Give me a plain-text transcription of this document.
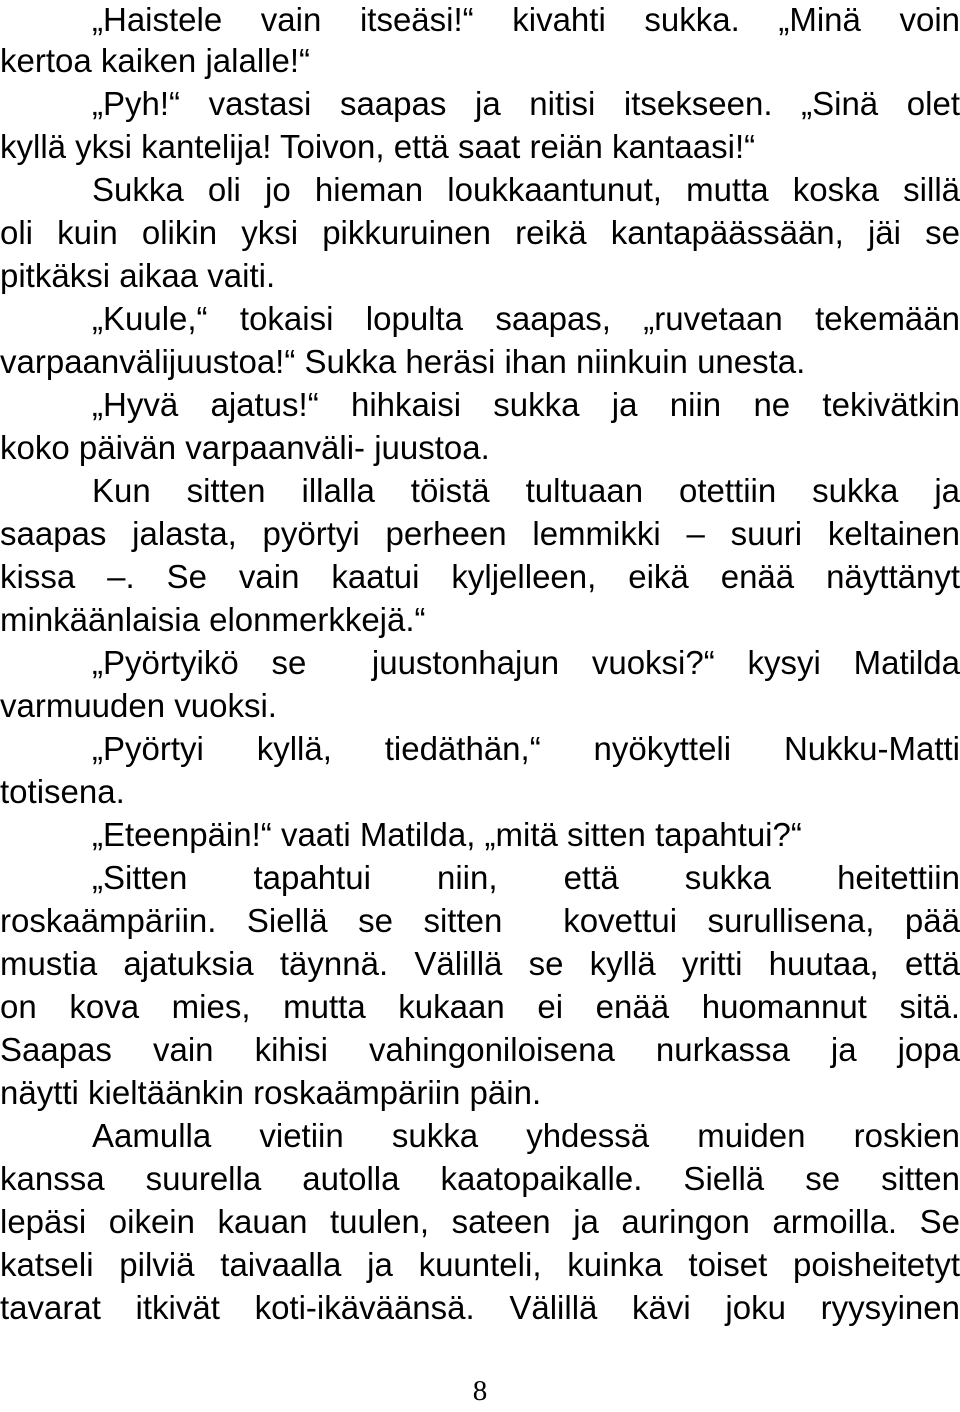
„Haistele vain itseäsi!“ kivahti sukka. „Minä voin
kertoa kaiken jalalle!“
„Pyh!“ vastasi saapas ja nitisi itsekseen. „Sinä olet
kyllä yksi kantelija! Toivon, että saat reiän kantaasi!“
Sukka oli jo hieman loukkaantunut, mutta koska sillä
oli kuin olikin yksi pikkuruinen reikä kantapäässään, jäi se
pitkäksi aikaa vaiti.
„Kuule,“ tokaisi lopulta saapas, „ruvetaan tekemään
varpaanvälijuustoa!“ Sukka heräsi ihan niinkuin unesta.
„Hyvä ajatus!“ hihkaisi sukka ja niin ne tekivätkin
koko päivän varpaanväli- juustoa.
Kun sitten illalla töistä tultuaan otettiin sukka ja
saapas jalasta, pyörtyi perheen lemmikki – suuri keltainen
kissa –. Se vain kaatui kyljelleen, eikä enää näyttänyt
minkäänlaisia elonmerkkejä.“
„Pyörtyikö se  juustonhajun vuoksi?“ kysyi Matilda
varmuuden vuoksi.
„Pyörtyi kyllä, tiedäthän,“ nyökytteli Nukku-Matti
totisena.
„Eteenpäin!“ vaati Matilda, „mitä sitten tapahtui?“
„Sitten tapahtui niin, että sukka heitettiin
roskaämpäriin. Siellä se sitten  kovettui surullisena, pää
mustia ajatuksia täynnä. Välillä se kyllä yritti huutaa, että
on kova mies, mutta kukaan ei enää huomannut sitä.
Saapas vain kihisi vahingoniloisena nurkassa ja jopa
näytti kieltäänkin roskaämpäriin päin.
Aamulla vietiin sukka yhdessä muiden roskien
kanssa suurella autolla kaatopaikalle. Siellä se sitten
lepäsi oikein kauan tuulen, sateen ja auringon armoilla. Se
katseli pilviä taivaalla ja kuunteli, kuinka toiset poisheitetyt
tavarat itkivät koti-ikäväänsä. Välillä kävi joku ryysyinen
8
